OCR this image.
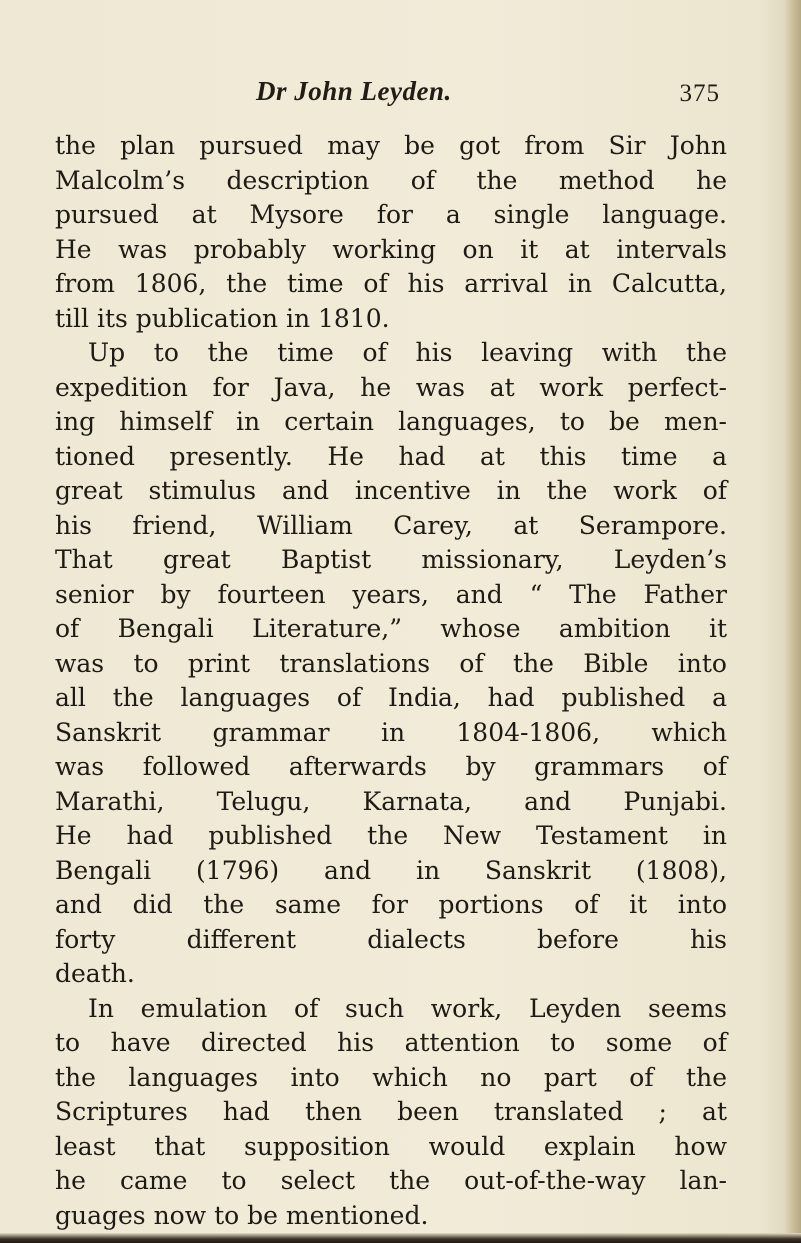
Dr John Leyden.	375
the plan pursued may be got from Sir John
Malcolm’s description of the method he
pursued at Mysore for a single language.
He was probably working on it at intervals
from 1806, the time of his arrival in Calcutta,
till its publication in 1810.
Up to the time of his leaving with the
expedition for Java, he was at work perfect-
ing himself in certain languages, to be men-
tioned presently. He had at this time a
great stimulus and incentive in the work of
his friend, William Carey, at Serampore.
That great Baptist missionary, Leyden’s
senior by fourteen years, and “ The Father
of Bengali Literature,” whose ambition it
was to print translations of the Bible into
all the languages of India, had published a
Sanskrit grammar in 1804-1806, which
was followed afterwards by grammars of
Marathi, Telugu, Karnata, and Punjabi.
He had published the New Testament in
Bengali (1796) and in Sanskrit (1808),
and did the same for portions of it into
forty different dialects before his
death.
In emulation of such work, Leyden seems
to have directed his attention to some of
the languages into which no part of the
Scriptures had then been translated ; at
least that supposition would explain how
he came to select the out-of-the-way lan-
guages now to be mentioned.
